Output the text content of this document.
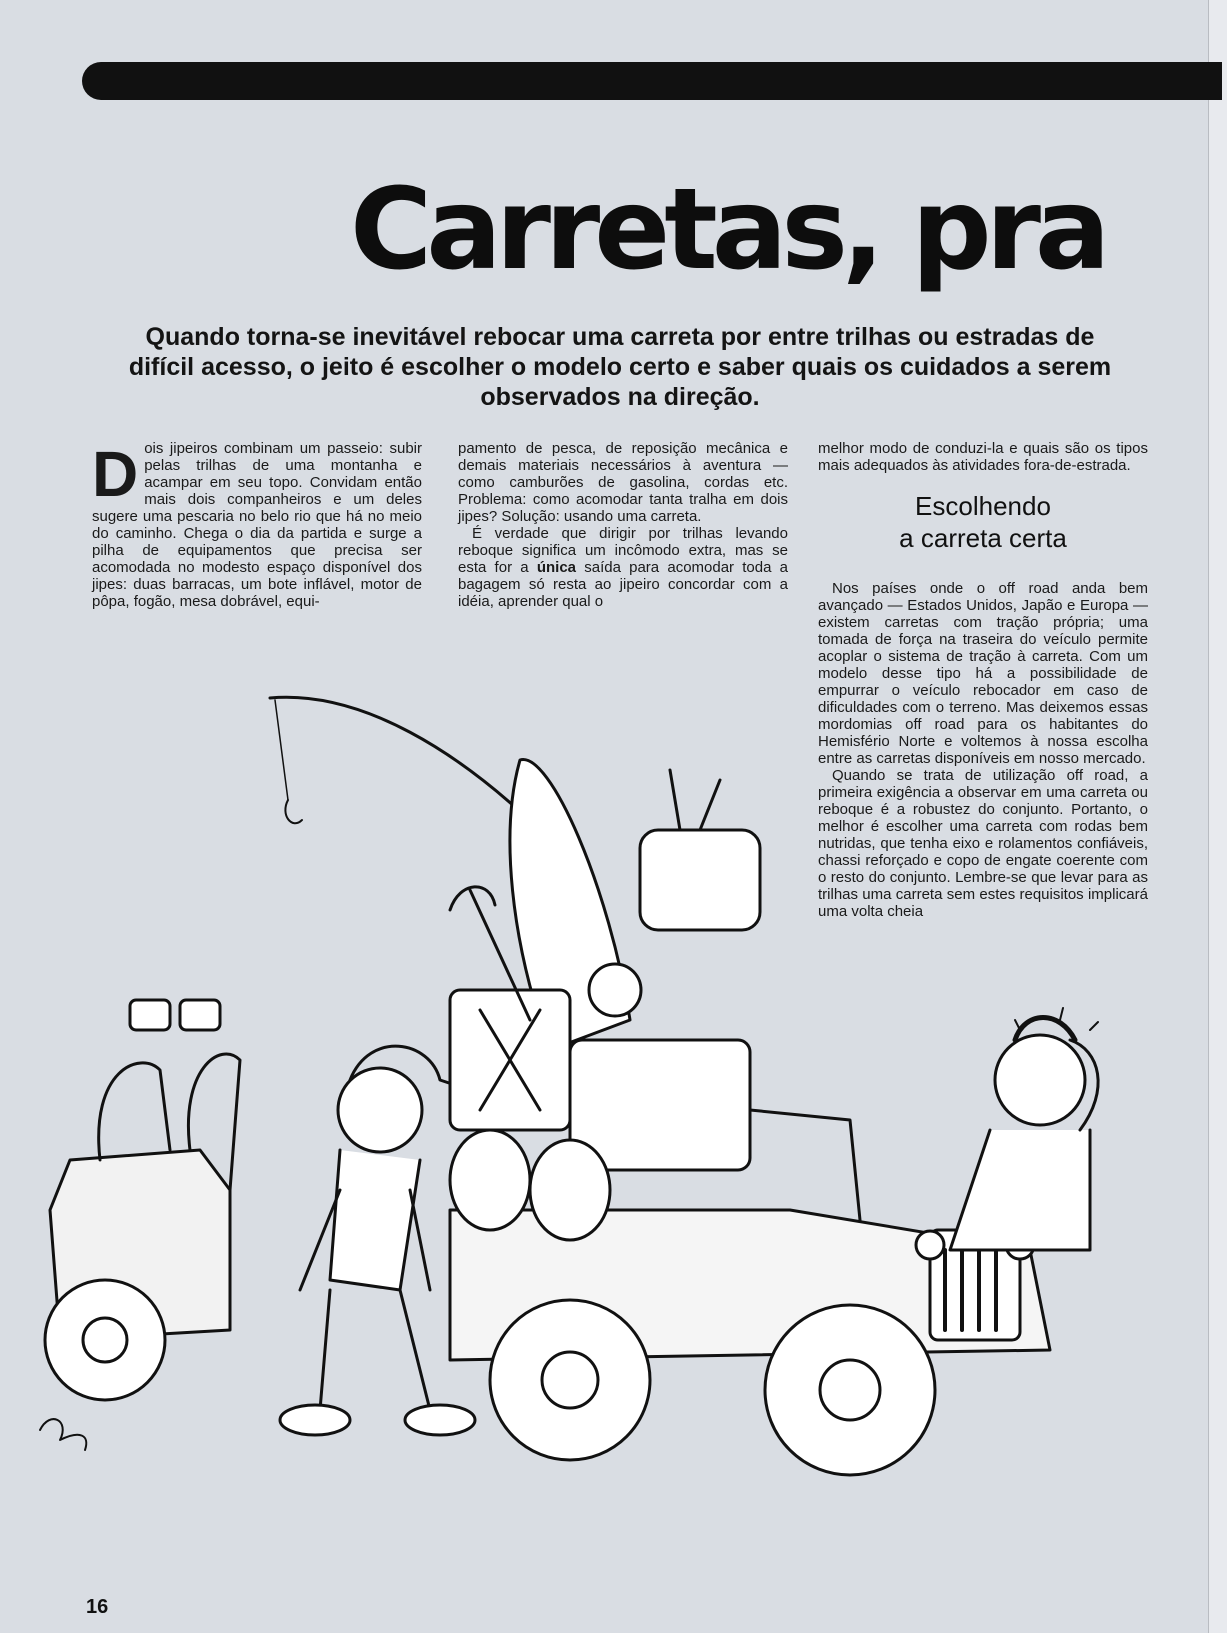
Carretas, pra
Quando torna-se inevitável rebocar uma carreta por entre trilhas ou estradas de difícil acesso, o jeito é escolher o modelo certo e saber quais os cuidados a serem observados na direção.

Dois jipeiros combinam um passeio: subir pelas trilhas de uma montanha e acampar em seu topo. Convidam então mais dois companheiros e um deles sugere uma pescaria no belo rio que há no meio do caminho. Chega o dia da partida e surge a pilha de equipamentos que precisa ser acomodada no modesto espaço disponível dos jipes: duas barracas, um bote inflável, motor de pôpa, fogão, mesa dobrável, equi-

pamento de pesca, de reposição mecânica e demais materiais necessários à aventura — como camburões de gasolina, cordas etc. Problema: como acomodar tanta tralha em dois jipes? Solução: usando uma carreta.

É verdade que dirigir por trilhas levando reboque significa um incômodo extra, mas se esta for a única saída para acomodar toda a bagagem só resta ao jipeiro concordar com a idéia, aprender qual o

melhor modo de conduzi-la e quais são os tipos mais adequados às atividades fora-de-estrada.

Escolhendo
a carreta certa

Nos países onde o off road anda bem avançado — Estados Unidos, Japão e Europa — existem carretas com tração própria; uma tomada de força na traseira do veículo permite acoplar o sistema de tração à carreta. Com um modelo desse tipo há a possibilidade de empurrar o veículo rebocador em caso de dificuldades com o terreno. Mas deixemos essas mordomias off road para os habitantes do Hemisfério Norte e voltemos à nossa escolha entre as carretas disponíveis em nosso mercado.

Quando se trata de utilização off road, a primeira exigência a observar em uma carreta ou reboque é a robustez do conjunto. Portanto, o melhor é escolher uma carreta com rodas bem nutridas, que tenha eixo e rolamentos confiáveis, chassi reforçado e copo de engate coerente com o resto do conjunto. Lembre-se que levar para as trilhas uma carreta sem estes requisitos implicará uma volta cheia

16
